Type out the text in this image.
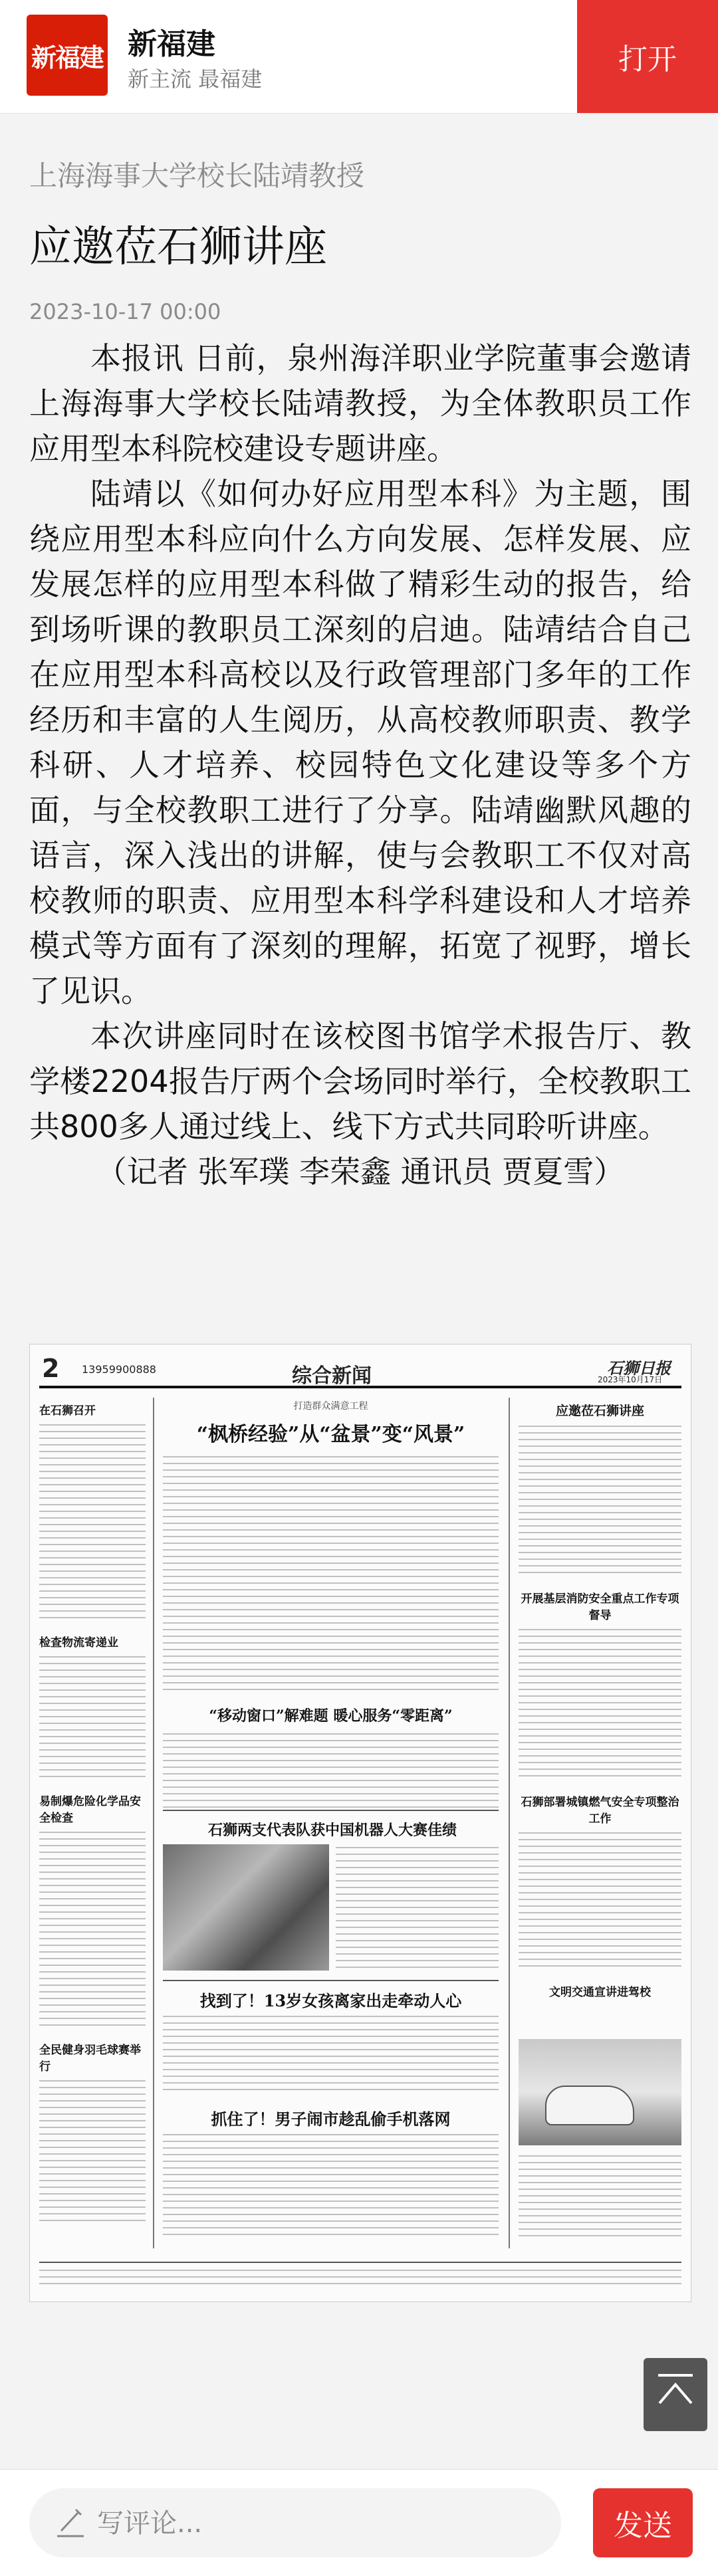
新福建 新福建
新主流 最福建
打开
上海海事大学校长陆靖教授
应邀莅石狮讲座
2023-10-17 00:00

本报讯 日前，泉州海洋职业学院董事会邀请上海海事大学校长陆靖教授，为全体教职员工作应用型本科院校建设专题讲座。

陆靖以《如何办好应用型本科》为主题，围绕应用型本科应向什么方向发展、怎样发展、应发展怎样的应用型本科做了精彩生动的报告，给到场听课的教职员工深刻的启迪。陆靖结合自己在应用型本科高校以及行政管理部门多年的工作经历和丰富的人生阅历，从高校教师职责、教学科研、人才培养、校园特色文化建设等多个方面，与全校教职工进行了分享。陆靖幽默风趣的语言，深入浅出的讲解，使与会教职工不仅对高校教师的职责、应用型本科学科建设和人才培养模式等方面有了深刻的理解，拓宽了视野，增长了见识。

本次讲座同时在该校图书馆学术报告厅、教学楼2204报告厅两个会场同时举行，全校教职工共800多人通过线上、线下方式共同聆听讲座。

（记者 张军璞 李荣鑫 通讯员 贾夏雪）

2 13959900888	综合新闻	石狮日报
2023年10月17日
在石狮召开
检查物流寄递业
易制爆危险化学品安全检查
全民健身羽毛球赛举行
打造群众满意工程
“枫桥经验”从“盆景”变“风景”
“移动窗口”解难题 暖心服务“零距离”
石狮两支代表队获中国机器人大赛佳绩
找到了！13岁女孩离家出走牵动人心
抓住了！男子闹市趁乱偷手机落网
应邀莅石狮讲座
开展基层消防安全重点工作专项督导
石狮部署城镇燃气安全专项整治工作
文明交通宣讲进驾校
写评论...
发送
